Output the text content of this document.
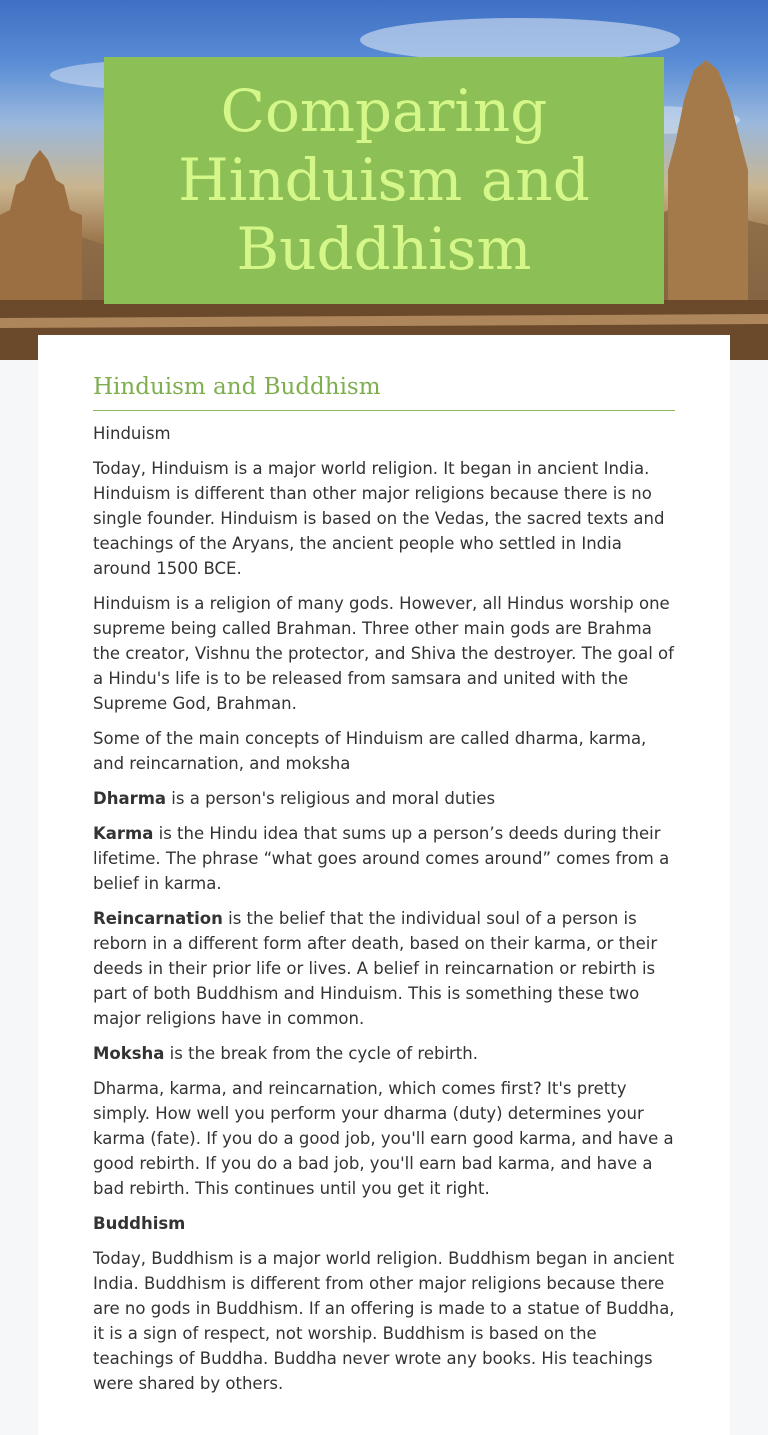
Comparing Hinduism and Buddhism
Hinduism and Buddhism

Hinduism

Today, Hinduism is a major world religion. It began in ancient India. Hinduism is different than other major religions because there is no single founder. Hinduism is based on the Vedas, the sacred texts and teachings of the Aryans, the ancient people who settled in India around 1500 BCE.

Hinduism is a religion of many gods. However, all Hindus worship one supreme being called Brahman. Three other main gods are Brahma the creator, Vishnu the protector, and Shiva the destroyer. The goal of a Hindu's life is to be released from samsara and united with the Supreme God, Brahman.

Some of the main concepts of Hinduism are called dharma, karma, and reincarnation, and moksha

Dharma is a person's religious and moral duties

Karma is the Hindu idea that sums up a person’s deeds during their lifetime. The phrase “what goes around comes around” comes from a belief in karma.

Reincarnation is the belief that the individual soul of a person is reborn in a different form after death, based on their karma, or their deeds in their prior life or lives. A belief in reincarnation or rebirth is part of both Buddhism and Hinduism. This is something these two major religions have in common.

Moksha is the break from the cycle of rebirth.

Dharma, karma, and reincarnation, which comes first? It's pretty simply. How well you perform your dharma (duty) determines your karma (fate). If you do a good job, you'll earn good karma, and have a good rebirth. If you do a bad job, you'll earn bad karma, and have a bad rebirth. This continues until you get it right.

Buddhism

Today, Buddhism is a major world religion. Buddhism began in ancient India. Buddhism is different from other major religions because there are no gods in Buddhism. If an offering is made to a statue of Buddha, it is a sign of respect, not worship. Buddhism is based on the teachings of Buddha. Buddha never wrote any books. His teachings were shared by others.
